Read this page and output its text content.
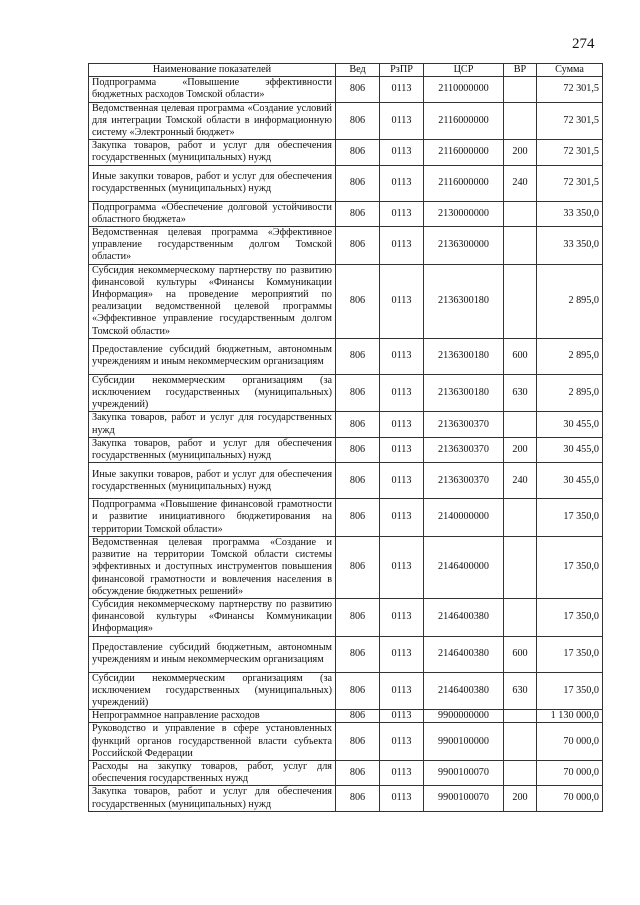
274
Наименование показателей	Вед	РзПР	ЦСР	ВР	Сумма
Подпрограмма «Повышение эффективности бюджетных расходов Томской области»	806	0113	2110000000		72 301,5
Ведомственная целевая программа «Создание условий для интеграции Томской области в информационную систему «Электронный бюджет»	806	0113	2116000000		72 301,5
Закупка товаров, работ и услуг для обеспечения государственных (муниципальных) нужд	806	0113	2116000000	200	72 301,5
Иные закупки товаров, работ и услуг для обеспечения государственных (муниципальных) нужд	806	0113	2116000000	240	72 301,5
Подпрограмма «Обеспечение долговой устойчивости областного бюджета»	806	0113	2130000000		33 350,0
Ведомственная целевая программа «Эффективное управление государственным долгом Томской области»	806	0113	2136300000		33 350,0
Субсидия некоммерческому партнерству по развитию финансовой культуры «Финансы Коммуникации Информация» на проведение мероприятий по реализации ведомственной целевой программы «Эффективное управление государственным долгом Томской области»	806	0113	2136300180		2 895,0
Предоставление субсидий бюджетным, автономным учреждениям и иным некоммерческим организациям	806	0113	2136300180	600	2 895,0
Субсидии некоммерческим организациям (за исключением государственных (муниципальных) учреждений)	806	0113	2136300180	630	2 895,0
Закупка товаров, работ и услуг для государственных нужд	806	0113	2136300370		30 455,0
Закупка товаров, работ и услуг для обеспечения государственных (муниципальных) нужд	806	0113	2136300370	200	30 455,0
Иные закупки товаров, работ и услуг для обеспечения государственных (муниципальных) нужд	806	0113	2136300370	240	30 455,0
Подпрограмма «Повышение финансовой грамотности и развитие инициативного бюджетирования на территории Томской области»	806	0113	2140000000		17 350,0
Ведомственная целевая программа «Создание и развитие на территории Томской области системы эффективных и доступных инструментов повышения финансовой грамотности и вовлечения населения в обсуждение бюджетных решений»	806	0113	2146400000		17 350,0
Субсидия некоммерческому партнерству по развитию финансовой культуры «Финансы Коммуникации Информация»	806	0113	2146400380		17 350,0
Предоставление субсидий бюджетным, автономным учреждениям и иным некоммерческим организациям	806	0113	2146400380	600	17 350,0
Субсидии некоммерческим организациям (за исключением государственных (муниципальных) учреждений)	806	0113	2146400380	630	17 350,0
Непрограммное направление расходов	806	0113	9900000000		1 130 000,0
Руководство и управление в сфере установленных функций органов государственной власти субъекта Российской Федерации	806	0113	9900100000		70 000,0
Расходы на закупку товаров, работ, услуг для обеспечения государственных нужд	806	0113	9900100070		70 000,0
Закупка товаров, работ и услуг для обеспечения государственных (муниципальных) нужд	806	0113	9900100070	200	70 000,0
